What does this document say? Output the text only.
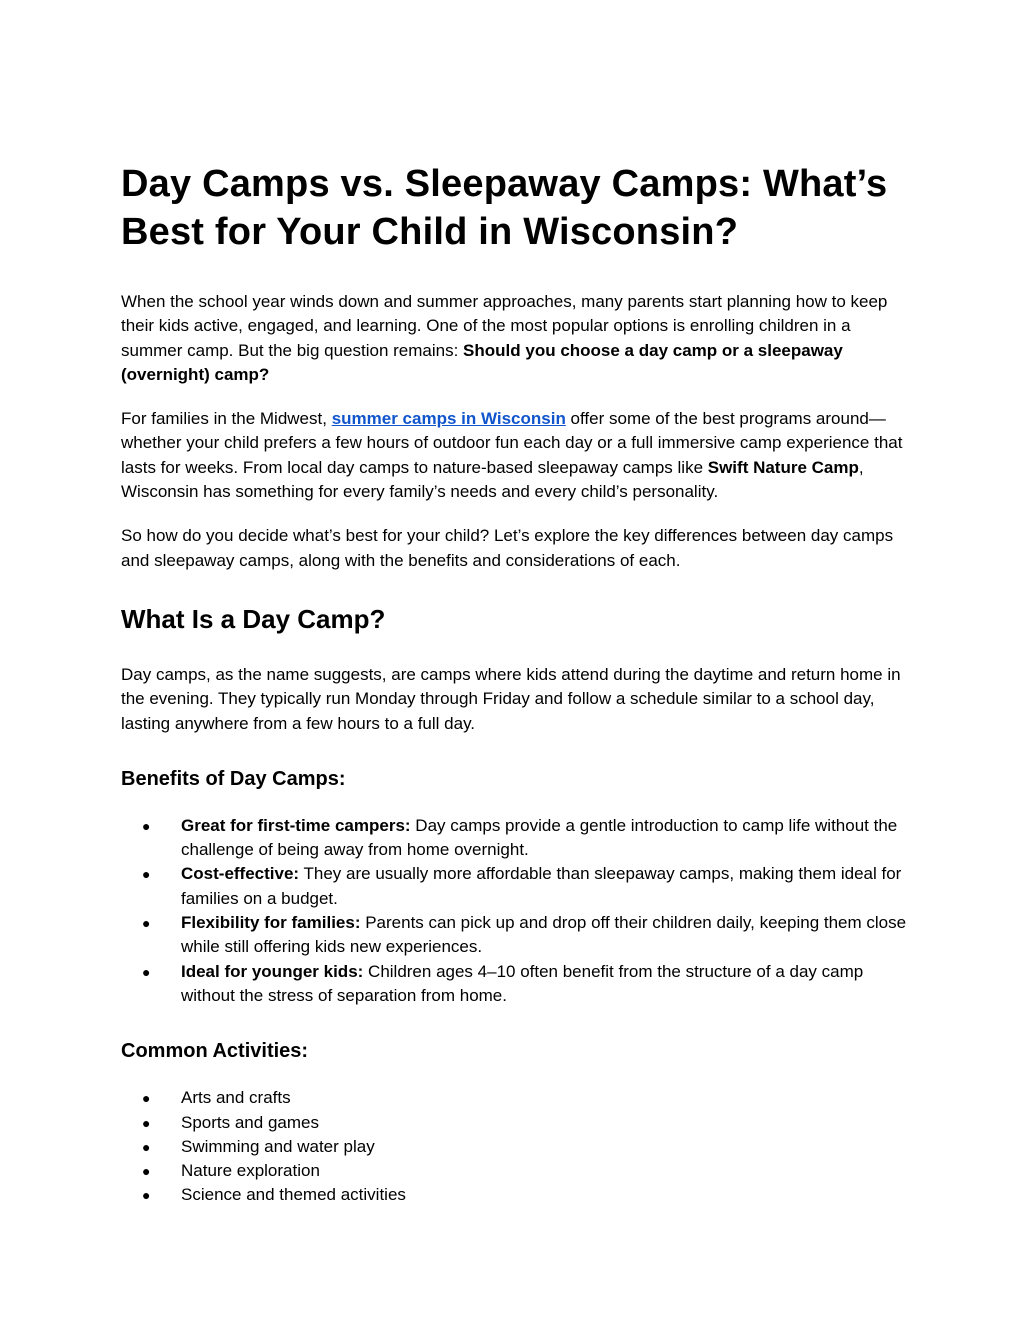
Day Camps vs. Sleepaway Camps: What’s Best for Your Child in Wisconsin?

When the school year winds down and summer approaches, many parents start planning how to keep their kids active, engaged, and learning. One of the most popular options is enrolling children in a summer camp. But the big question remains: Should you choose a day camp or a sleepaway (overnight) camp?

For families in the Midwest, summer camps in Wisconsin offer some of the best programs around—whether your child prefers a few hours of outdoor fun each day or a full immersive camp experience that lasts for weeks. From local day camps to nature-based sleepaway camps like Swift Nature Camp, Wisconsin has something for every family’s needs and every child’s personality.

So how do you decide what’s best for your child? Let’s explore the key differences between day camps and sleepaway camps, along with the benefits and considerations of each.

What Is a Day Camp?

Day camps, as the name suggests, are camps where kids attend during the daytime and return home in the evening. They typically run Monday through Friday and follow a schedule similar to a school day, lasting anywhere from a few hours to a full day.

Benefits of Day Camps:
● Great for first-time campers: Day camps provide a gentle introduction to camp life without the challenge of being away from home overnight.
● Cost-effective: They are usually more affordable than sleepaway camps, making them ideal for families on a budget.
● Flexibility for families: Parents can pick up and drop off their children daily, keeping them close while still offering kids new experiences.
● Ideal for younger kids: Children ages 4–10 often benefit from the structure of a day camp without the stress of separation from home.
Common Activities:
● Arts and crafts
● Sports and games
● Swimming and water play
● Nature exploration
● Science and themed activities
